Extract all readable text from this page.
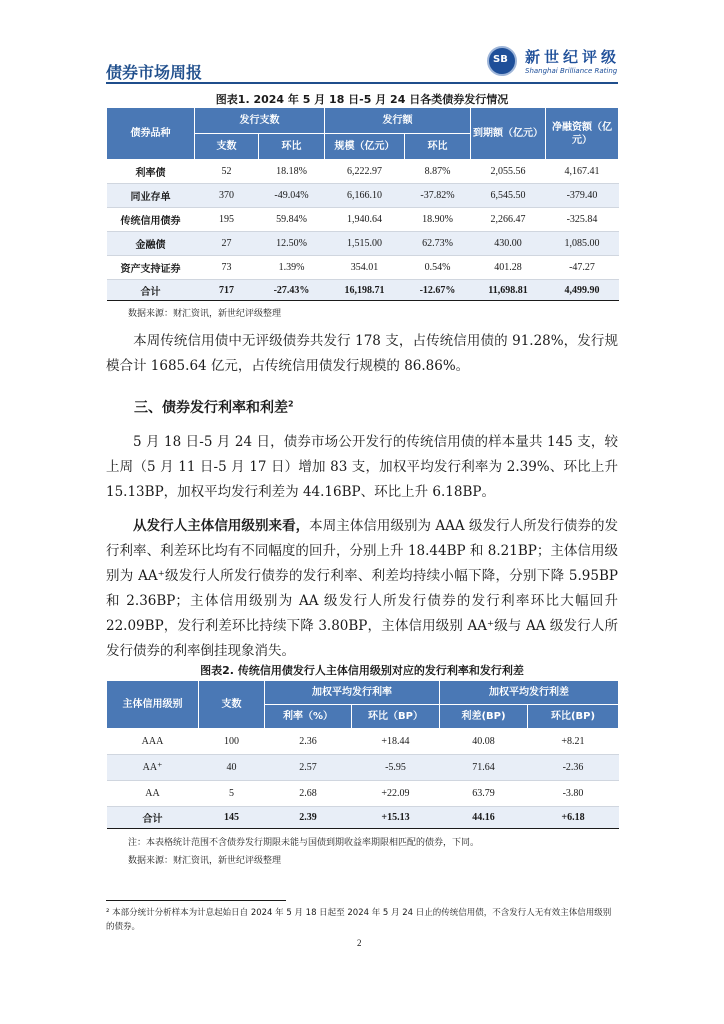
债券市场周报
SB
新世纪评级
Shanghai Brilliance Rating
图表1. 2024 年 5 月 18 日-5 月 24 日各类债券发行情况
债券品种	发行支数		发行额		到期额（亿元）	净融资额（亿元）
	支数	环比	规模（亿元）	环比		
利率债	52	18.18%	6,222.97	8.87%	2,055.56	4,167.41
同业存单	370	-49.04%	6,166.10	-37.82%	6,545.50	-379.40
传统信用债券	195	59.84%	1,940.64	18.90%	2,266.47	-325.84
金融债	27	12.50%	1,515.00	62.73%	430.00	1,085.00
资产支持证券	73	1.39%	354.01	0.54%	401.28	-47.27
合计	717	-27.43%	16,198.71	-12.67%	11,698.81	4,499.90
数据来源：财汇资讯，新世纪评级整理

本周传统信用债中无评级债券共发行 178 支，占传统信用债的 91.28%，发行规模合计 1685.64 亿元，占传统信用债发行规模的 86.86%。

三、债券发行利率和利差$^2$

5 月 18 日-5 月 24 日，债券市场公开发行的传统信用债的样本量共 145 支，较上周（5 月 11 日-5 月 17 日）增加 83 支，加权平均发行利率为 2.39%、环比上升 15.13BP，加权平均发行利差为 44.16BP、环比上升 6.18BP。

从发行人主体信用级别来看，本周主体信用级别为 AAA 级发行人所发行债券的发行利率、利差环比均有不同幅度的回升，分别上升 18.44BP 和 8.21BP；主体信用级别为 AA⁺级发行人所发行债券的发行利率、利差均持续小幅下降，分别下降 5.95BP 和 2.36BP；主体信用级别为 AA 级发行人所发行债券的发行利率环比大幅回升 22.09BP，发行利差环比持续下降 3.80BP，主体信用级别 AA⁺级与 AA 级发行人所发行债券的利率倒挂现象消失。

图表2. 传统信用债发行人主体信用级别对应的发行利率和发行利差
主体信用级别	支数	加权平均发行利率		加权平均发行利差	
		利率（%）	环比（BP）	利差(BP)	环比(BP)
AAA	100	2.36	+18.44	40.08	+8.21
AA⁺	40	2.57	-5.95	71.64	-2.36
AA	5	2.68	+22.09	63.79	-3.80
合计	145	2.39	+15.13	44.16	+6.18
注：本表格统计范围不含债券发行期限未能与国债到期收益率期限相匹配的债券，下同。
数据来源：财汇资讯，新世纪评级整理

² 本部分统计分析样本为计息起始日自 2024 年 5 月 18 日起至 2024 年 5 月 24 日止的传统信用债，不含发行人无有效主体信用级别的债券。

2
